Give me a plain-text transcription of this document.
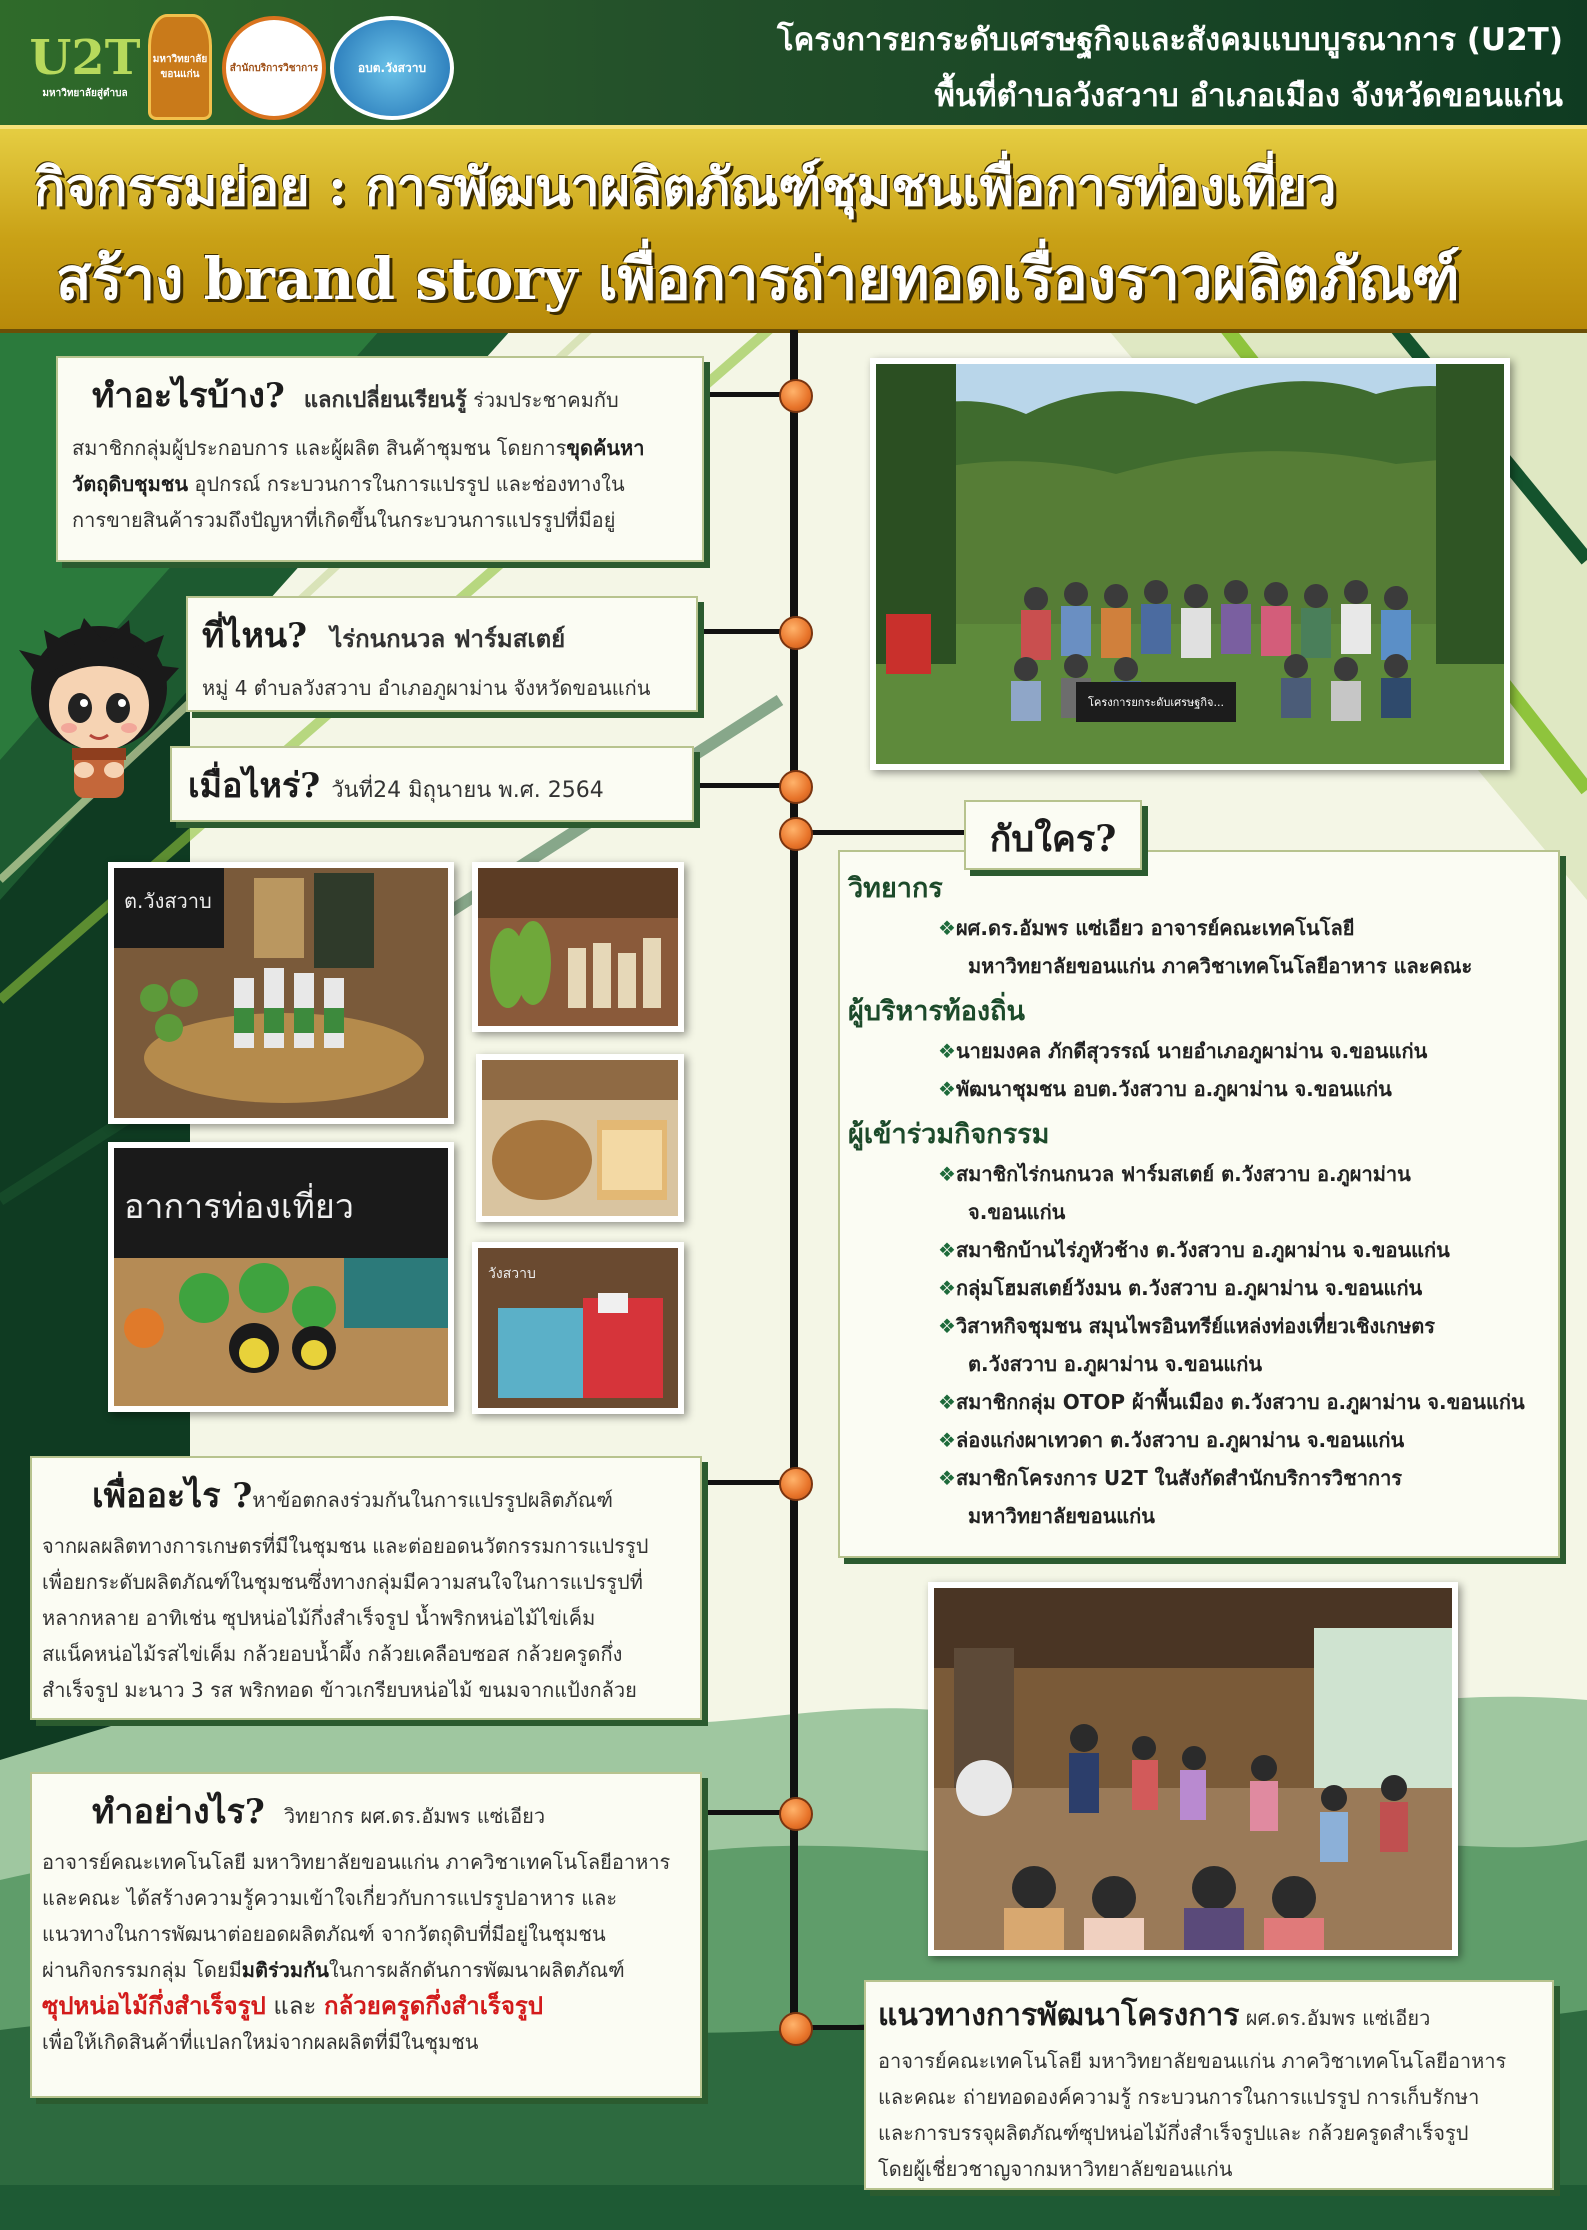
U2T
มหาวิทยาลัยสู่ตำบล
มหาวิทยาลัยขอนแก่น
สำนักบริการวิชาการ	อบต.วังสวาบ
โครงการยกระดับเศรษฐกิจและสังคมแบบบูรณาการ (U2T)
พื้นที่ตำบลวังสวาบ อำเภอเมือง จังหวัดขอนแก่น
กิจกรรมย่อย : การพัฒนาผลิตภัณฑ์ชุมชนเพื่อการท่องเที่ยว
สร้าง brand story เพื่อการถ่ายทอดเรื่องราวผลิตภัณฑ์
ทำอะไรบ้าง? แลกเปลี่ยนเรียนรู้ ร่วมประชาคมกับ
สมาชิกกลุ่มผู้ประกอบการ และผู้ผลิต สินค้าชุมชน โดยการขุดค้นหา
วัตถุดิบชุมชน อุปกรณ์ กระบวนการในการแปรรูป และช่องทางใน
การขายสินค้ารวมถึงปัญหาที่เกิดขึ้นในกระบวนการแปรรูปที่มีอยู่
ที่ไหน? ไร่กนกนวล ฟาร์มสเตย์
หมู่ 4 ตำบลวังสวาบ อำเภอภูผาม่าน จังหวัดขอนแก่น
เมื่อไหร่? วันที่24 มิถุนายน พ.ศ. 2564
โครงการยกระดับเศรษฐกิจ...
ต.วังสวาบ
อาการท่องเที่ยว
วังสวาบ
วิทยากร
❖ผศ.ดร.อัมพร แซ่เอียว อาจารย์คณะเทคโนโลยี
มหาวิทยาลัยขอนแก่น ภาควิชาเทคโนโลยีอาหาร และคณะ
ผู้บริหารท้องถิ่น
❖นายมงคล ภักดีสุวรรณ์ นายอำเภอภูผาม่าน จ.ขอนแก่น
❖พัฒนาชุมชน อบต.วังสวาบ อ.ภูผาม่าน จ.ขอนแก่น
ผู้เข้าร่วมกิจกรรม
❖สมาชิกไร่กนกนวล ฟาร์มสเตย์ ต.วังสวาบ อ.ภูผาม่าน
จ.ขอนแก่น
❖สมาชิกบ้านไร่ภูหัวช้าง ต.วังสวาบ อ.ภูผาม่าน จ.ขอนแก่น
❖กลุ่มโฮมสเตย์วังมน ต.วังสวาบ อ.ภูผาม่าน จ.ขอนแก่น
❖วิสาหกิจชุมชน สมุนไพรอินทรีย์แหล่งท่องเที่ยวเชิงเกษตร
ต.วังสวาบ อ.ภูผาม่าน จ.ขอนแก่น
❖สมาชิกกลุ่ม OTOP ผ้าพื้นเมือง ต.วังสวาบ อ.ภูผาม่าน จ.ขอนแก่น
❖ล่องแก่งผาเทวดา ต.วังสวาบ อ.ภูผาม่าน จ.ขอนแก่น
❖สมาชิกโครงการ U2T ในสังกัดสำนักบริการวิชาการ
มหาวิทยาลัยขอนแก่น
กับใคร?
เพื่ออะไร ?หาข้อตกลงร่วมกันในการแปรรูปผลิตภัณฑ์
จากผลผลิตทางการเกษตรที่มีในชุมชน และต่อยอดนวัตกรรมการแปรรูป
เพื่อยกระดับผลิตภัณฑ์ในชุมชนซึ่งทางกลุ่มมีความสนใจในการแปรรูปที่
หลากหลาย อาทิเช่น ซุปหน่อไม้กึ่งสำเร็จรูป น้ำพริกหน่อไม้ไข่เค็ม
สแน็คหน่อไม้รสไข่เค็ม กล้วยอบน้ำผึ้ง กล้วยเคลือบซอส กล้วยครูดกึ่ง
สำเร็จรูป มะนาว 3 รส พริกทอด ข้าวเกรียบหน่อไม้ ขนมจากแป้งกล้วย
ทำอย่างไร? วิทยากร ผศ.ดร.อัมพร แซ่เอียว
อาจารย์คณะเทคโนโลยี มหาวิทยาลัยขอนแก่น ภาควิชาเทคโนโลยีอาหาร
และคณะ ได้สร้างความรู้ความเข้าใจเกี่ยวกับการแปรรูปอาหาร และ
แนวทางในการพัฒนาต่อยอดผลิตภัณฑ์ จากวัตถุดิบที่มีอยู่ในชุมชน
ผ่านกิจกรรมกลุ่ม โดยมีมติร่วมกันในการผลักดันการพัฒนาผลิตภัณฑ์
ซุปหน่อไม้กึ่งสำเร็จรูป และ กล้วยครูดกึ่งสำเร็จรูป
เพื่อให้เกิดสินค้าที่แปลกใหม่จากผลผลิตที่มีในชุมชน
แนวทางการพัฒนาโครงการ ผศ.ดร.อัมพร แซ่เอียว
อาจารย์คณะเทคโนโลยี มหาวิทยาลัยขอนแก่น ภาควิชาเทคโนโลยีอาหาร
และคณะ ถ่ายทอดองค์ความรู้ กระบวนการในการแปรรูป การเก็บรักษา
และการบรรจุผลิตภัณฑ์ซุปหน่อไม้กึ่งสำเร็จรูปและ กล้วยครูดสำเร็จรูป
โดยผู้เชี่ยวชาญจากมหาวิทยาลัยขอนแก่น
